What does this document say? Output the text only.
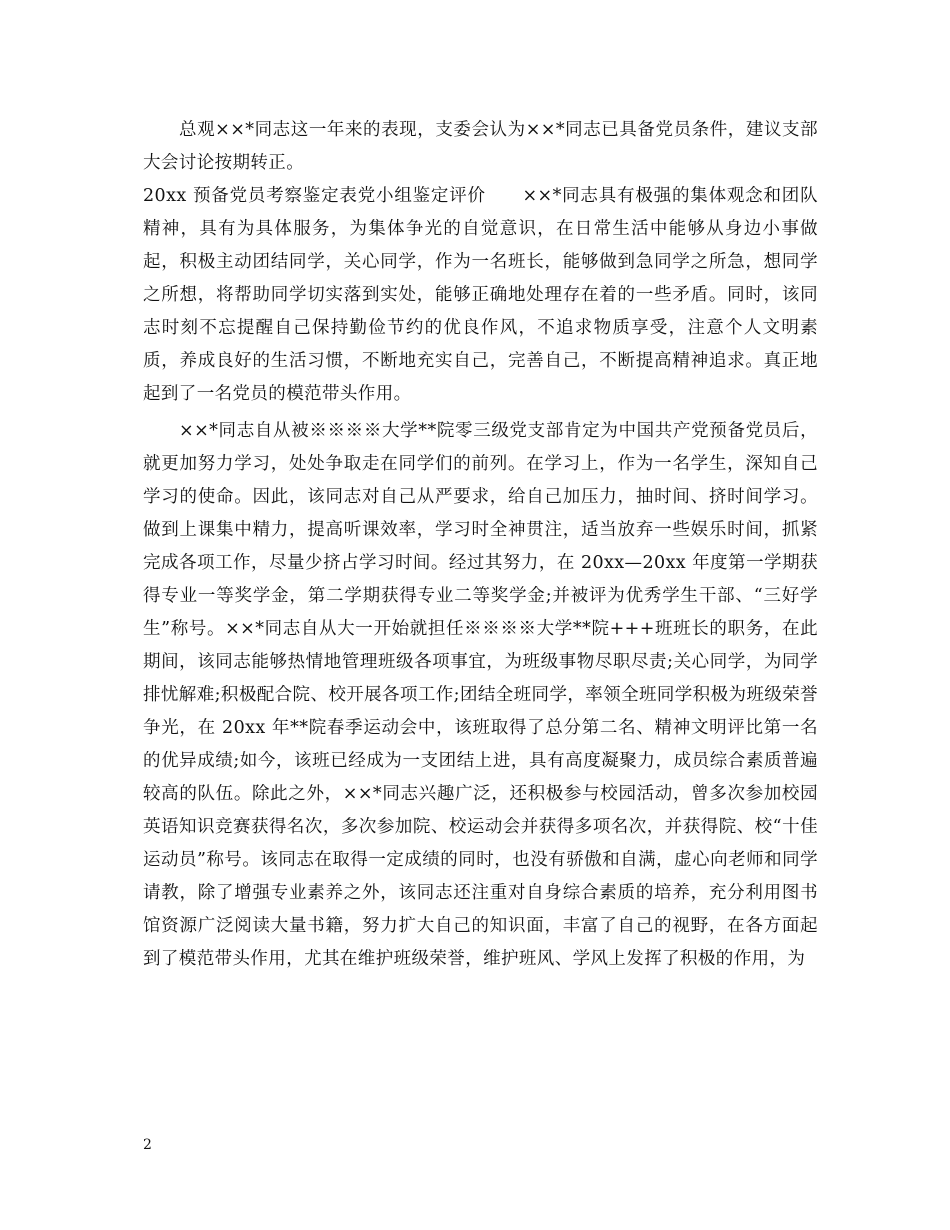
总观××*同志这一年来的表现，支委会认为××*同志已具备党员条件，建议支部大会讨论按期转正。

20xx 预备党员考察鉴定表党小组鉴定评价　　××*同志具有极强的集体观念和团队精神，具有为具体服务，为集体争光的自觉意识，在日常生活中能够从身边小事做起，积极主动团结同学，关心同学，作为一名班长，能够做到急同学之所急，想同学之所想，将帮助同学切实落到实处，能够正确地处理存在着的一些矛盾。同时，该同志时刻不忘提醒自己保持勤俭节约的优良作风，不追求物质享受，注意个人文明素质，养成良好的生活习惯，不断地充实自己，完善自己，不断提高精神追求。真正地起到了一名党员的模范带头作用。

××*同志自从被※※※※大学**院零三级党支部肯定为中国共产党预备党员后，就更加努力学习，处处争取走在同学们的前列。在学习上，作为一名学生，深知自己学习的使命。因此，该同志对自己从严要求，给自己加压力，抽时间、挤时间学习。做到上课集中精力，提高听课效率，学习时全神贯注，适当放弃一些娱乐时间，抓紧完成各项工作，尽量少挤占学习时间。经过其努力，在 20xx—20xx 年度第一学期获得专业一等奖学金，第二学期获得专业二等奖学金;并被评为优秀学生干部、“三好学生”称号。××*同志自从大一开始就担任※※※※大学**院+++班班长的职务，在此期间，该同志能够热情地管理班级各项事宜，为班级事物尽职尽责;关心同学，为同学排忧解难;积极配合院、校开展各项工作;团结全班同学，率领全班同学积极为班级荣誉争光，在 20xx 年**院春季运动会中，该班取得了总分第二名、精神文明评比第一名的优异成绩;如今，该班已经成为一支团结上进，具有高度凝聚力，成员综合素质普遍较高的队伍。除此之外，××*同志兴趣广泛，还积极参与校园活动，曾多次参加校园英语知识竞赛获得名次，多次参加院、校运动会并获得多项名次，并获得院、校“十佳运动员”称号。该同志在取得一定成绩的同时，也没有骄傲和自满，虚心向老师和同学请教，除了增强专业素养之外，该同志还注重对自身综合素质的培养，充分利用图书馆资源广泛阅读大量书籍，努力扩大自己的知识面，丰富了自己的视野，在各方面起到了模范带头作用，尤其在维护班级荣誉，维护班风、学风上发挥了积极的作用，为

2
